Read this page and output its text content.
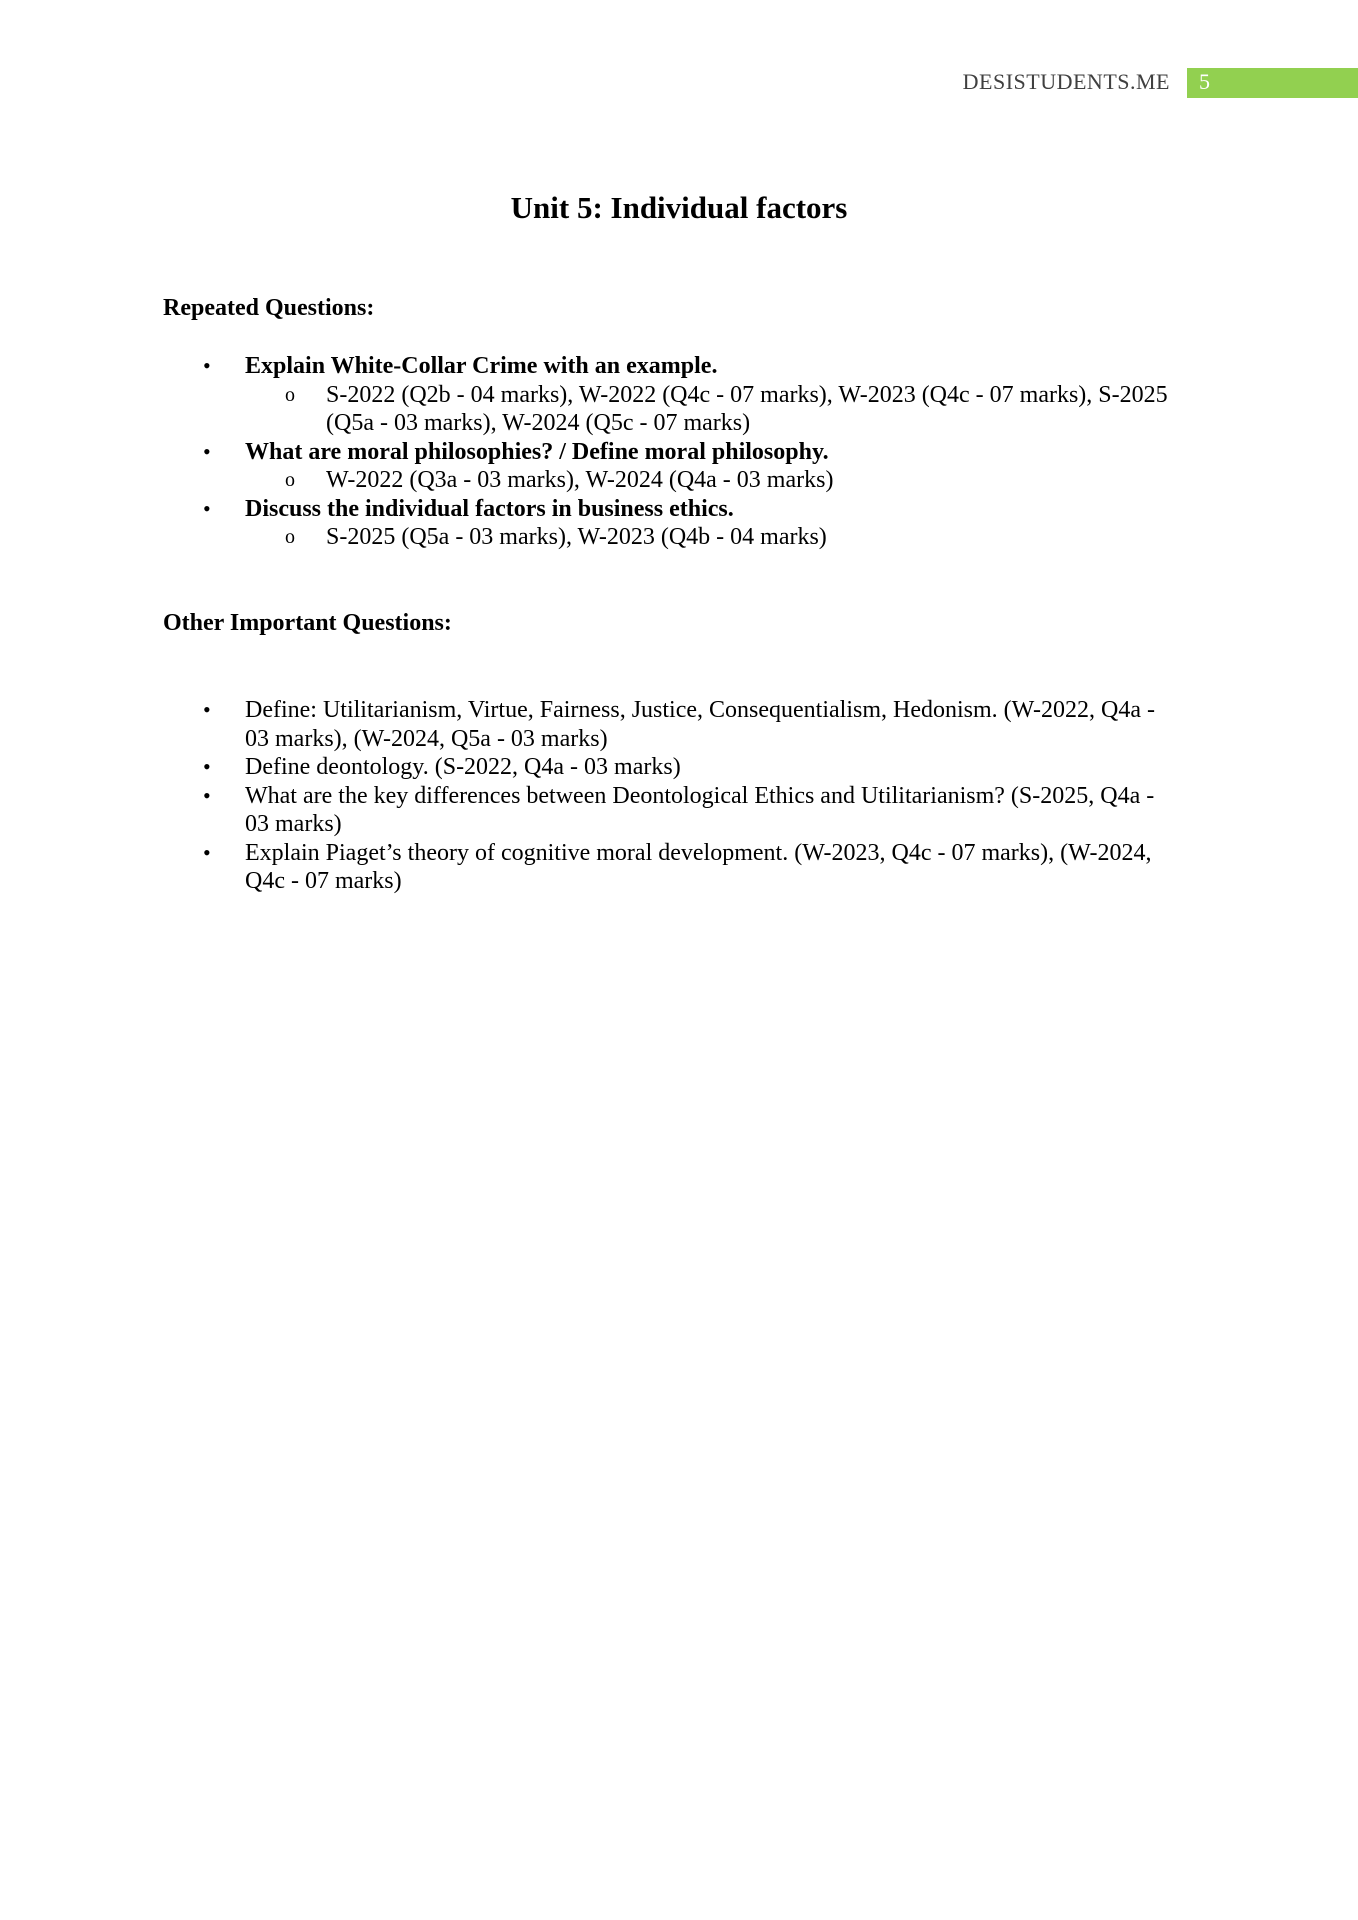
DESISTUDENTS.ME 5
Unit 5: Individual factors
Repeated Questions:
• Explain White-Collar Crime with an example.
o S-2022 (Q2b - 04 marks), W-2022 (Q4c - 07 marks), W-2023 (Q4c - 07 marks), S-2025 (Q5a - 03 marks), W-2024 (Q5c - 07 marks)
• What are moral philosophies? / Define moral philosophy.
o W-2022 (Q3a - 03 marks), W-2024 (Q4a - 03 marks)
• Discuss the individual factors in business ethics.
o S-2025 (Q5a - 03 marks), W-2023 (Q4b - 04 marks)
Other Important Questions:
• Define: Utilitarianism, Virtue, Fairness, Justice, Consequentialism, Hedonism. (W-2022, Q4a - 03 marks), (W-2024, Q5a - 03 marks)
• Define deontology. (S-2022, Q4a - 03 marks)
• What are the key differences between Deontological Ethics and Utilitarianism? (S-2025, Q4a - 03 marks)
• Explain Piaget’s theory of cognitive moral development. (W-2023, Q4c - 07 marks), (W-2024, Q4c - 07 marks)
